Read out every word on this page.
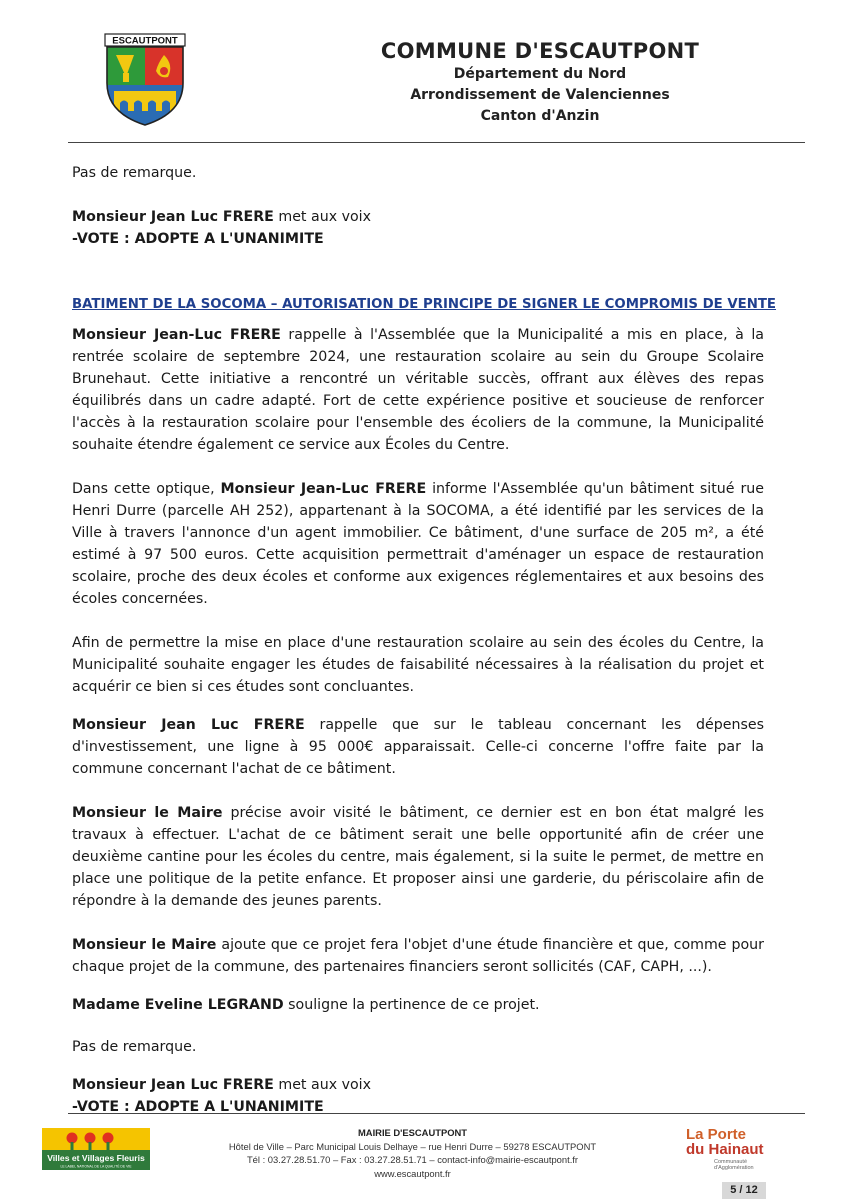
ESCAUTPONT	COMMUNE D'ESCAUTPONT
Département du Nord
Arrondissement de Valenciennes
Canton d'Anzin

Pas de remarque.

Monsieur Jean Luc FRERE met aux voix

-VOTE : ADOPTE A L'UNANIMITE

BATIMENT DE LA SOCOMA – AUTORISATION DE PRINCIPE DE SIGNER LE COMPROMIS DE VENTE

Monsieur Jean-Luc FRERE rappelle à l'Assemblée que la Municipalité a mis en place, à la rentrée scolaire de septembre 2024, une restauration scolaire au sein du Groupe Scolaire Brunehaut. Cette initiative a rencontré un véritable succès, offrant aux élèves des repas équilibrés dans un cadre adapté. Fort de cette expérience positive et soucieuse de renforcer l'accès à la restauration scolaire pour l'ensemble des écoliers de la commune, la Municipalité souhaite étendre également ce service aux Écoles du Centre.

Dans cette optique, Monsieur Jean-Luc FRERE informe l'Assemblée qu'un bâtiment situé rue Henri Durre (parcelle AH 252), appartenant à la SOCOMA, a été identifié par les services de la Ville à travers l'annonce d'un agent immobilier. Ce bâtiment, d'une surface de 205 m², a été estimé à 97 500 euros. Cette acquisition permettrait d'aménager un espace de restauration scolaire, proche des deux écoles et conforme aux exigences réglementaires et aux besoins des écoles concernées.

Afin de permettre la mise en place d'une restauration scolaire au sein des écoles du Centre, la Municipalité souhaite engager les études de faisabilité nécessaires à la réalisation du projet et acquérir ce bien si ces études sont concluantes.

Monsieur Jean Luc FRERE rappelle que sur le tableau concernant les dépenses d'investissement, une ligne à 95 000€ apparaissait. Celle-ci concerne l'offre faite par la commune concernant l'achat de ce bâtiment.

Monsieur le Maire précise avoir visité le bâtiment, ce dernier est en bon état malgré les travaux à effectuer. L'achat de ce bâtiment serait une belle opportunité afin de créer une deuxième cantine pour les écoles du centre, mais également, si la suite le permet, de mettre en place une politique de la petite enfance. Et proposer ainsi une garderie, du périscolaire afin de répondre à la demande des jeunes parents.

Monsieur le Maire ajoute que ce projet fera l'objet d'une étude financière et que, comme pour chaque projet de la commune, des partenaires financiers seront sollicités (CAF, CAPH, ...).

Madame Eveline LEGRAND souligne la pertinence de ce projet.

Pas de remarque.

Monsieur Jean Luc FRERE met aux voix

-VOTE : ADOPTE A L'UNANIMITE

Villes et Villages Fleuris
LE LABEL NATIONAL DE LA QUALITÉ DE VIE
MAIRIE D'ESCAUTPONT
Hôtel de Ville – Parc Municipal Louis Delhaye – rue Henri Durre – 59278 ESCAUTPONT
Tél : 03.27.28.51.70 – Fax : 03.27.28.51.71 – contact-info@mairie-escautpont.fr
www.escautpont.fr
La Porte
du Hainaut
Communauté d'Agglomération
5 / 12
